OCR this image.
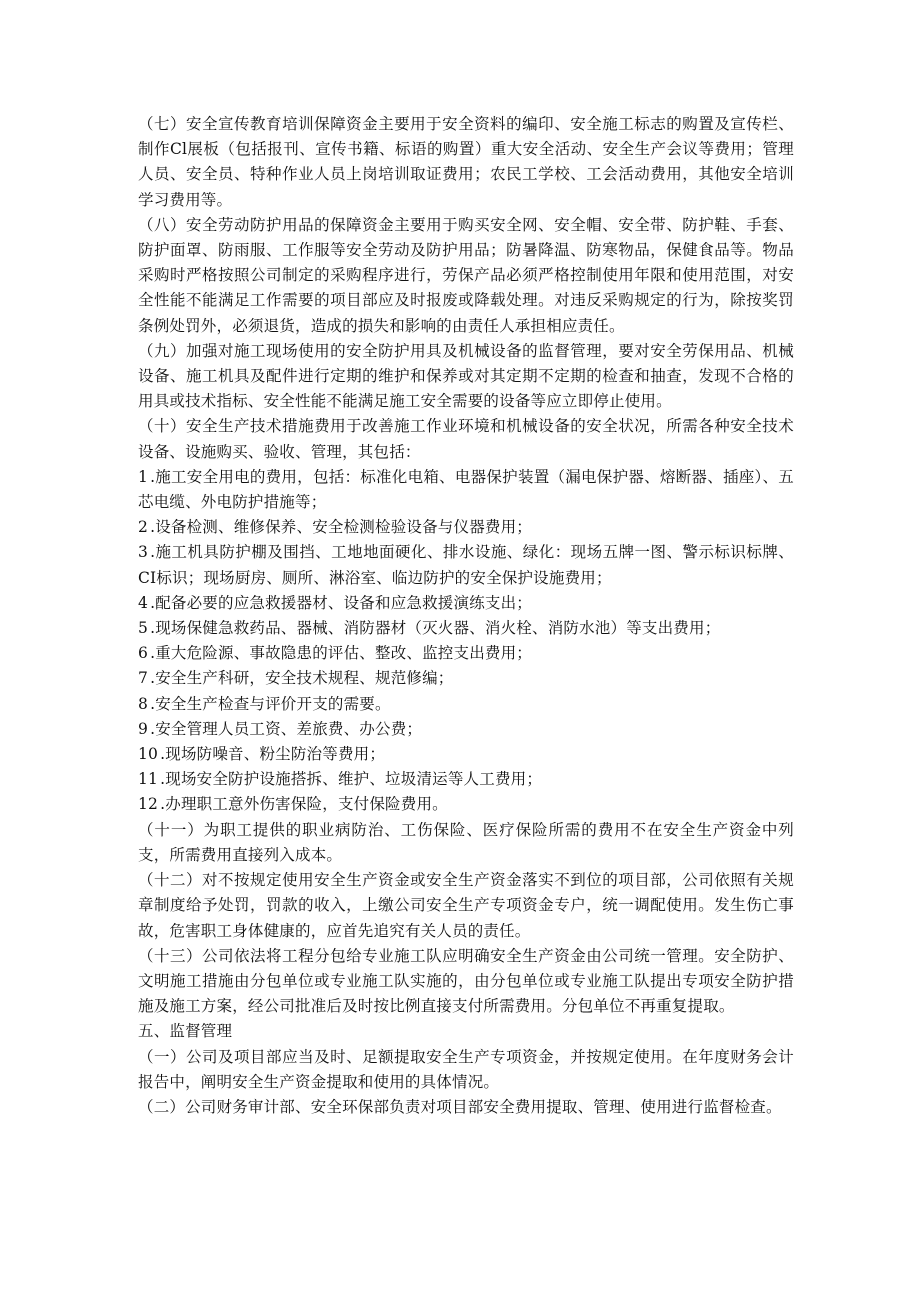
（七）安全宣传教育培训保障资金主要用于安全资料的编印、安全施工标志的购置及宣传栏、制作Cl展板（包括报刊、宣传书籍、标语的购置）重大安全活动、安全生产会议等费用；管理人员、安全员、特种作业人员上岗培训取证费用；农民工学校、工会活动费用，其他安全培训学习费用等。

（八）安全劳动防护用品的保障资金主要用于购买安全网、安全帽、安全带、防护鞋、手套、防护面罩、防雨服、工作服等安全劳动及防护用品；防暑降温、防寒物品，保健食品等。物品采购时严格按照公司制定的采购程序进行，劳保产品必须严格控制使用年限和使用范围，对安全性能不能满足工作需要的项目部应及时报废或降载处理。对违反采购规定的行为，除按奖罚条例处罚外，必须退货，造成的损失和影响的由责任人承担相应责任。

（九）加强对施工现场使用的安全防护用具及机械设备的监督管理，要对安全劳保用品、机械设备、施工机具及配件进行定期的维护和保养或对其定期不定期的检查和抽查，发现不合格的用具或技术指标、安全性能不能满足施工安全需要的设备等应立即停止使用。

（十）安全生产技术措施费用于改善施工作业环境和机械设备的安全状况，所需各种安全技术设备、设施购买、验收、管理，其包括：

1 .施工安全用电的费用，包括：标准化电箱、电器保护装置（漏电保护器、熔断器、插座）、五芯电缆、外电防护措施等；

2 .设备检测、维修保养、安全检测检验设备与仪器费用；

3 .施工机具防护棚及围挡、工地地面硬化、排水设施、绿化：现场五牌一图、警示标识标牌、CI标识；现场厨房、厕所、淋浴室、临边防护的安全保护设施费用；

4 .配备必要的应急救援器材、设备和应急救援演练支出；

5 .现场保健急救药品、器械、消防器材（灭火器、消火栓、消防水池）等支出费用；

6 .重大危险源、事故隐患的评估、整改、监控支出费用；

7 .安全生产科研，安全技术规程、规范修编；

8 .安全生产检查与评价开支的需要。

9 .安全管理人员工资、差旅费、办公费；

10 .现场防噪音、粉尘防治等费用；

11 .现场安全防护设施搭拆、维护、垃圾清运等人工费用；

12 .办理职工意外伤害保险，支付保险费用。

（十一）为职工提供的职业病防治、工伤保险、医疗保险所需的费用不在安全生产资金中列支，所需费用直接列入成本。

（十二）对不按规定使用安全生产资金或安全生产资金落实不到位的项目部，公司依照有关规章制度给予处罚，罚款的收入，上缴公司安全生产专项资金专户，统一调配使用。发生伤亡事故，危害职工身体健康的，应首先追究有关人员的责任。

（十三）公司依法将工程分包给专业施工队应明确安全生产资金由公司统一管理。安全防护、文明施工措施由分包单位或专业施工队实施的，由分包单位或专业施工队提出专项安全防护措施及施工方案，经公司批准后及时按比例直接支付所需费用。分包单位不再重复提取。

五、监督管理

（一）公司及项目部应当及时、足额提取安全生产专项资金，并按规定使用。在年度财务会计报告中，阐明安全生产资金提取和使用的具体情况。

（二）公司财务审计部、安全环保部负责对项目部安全费用提取、管理、使用进行监督检查。
